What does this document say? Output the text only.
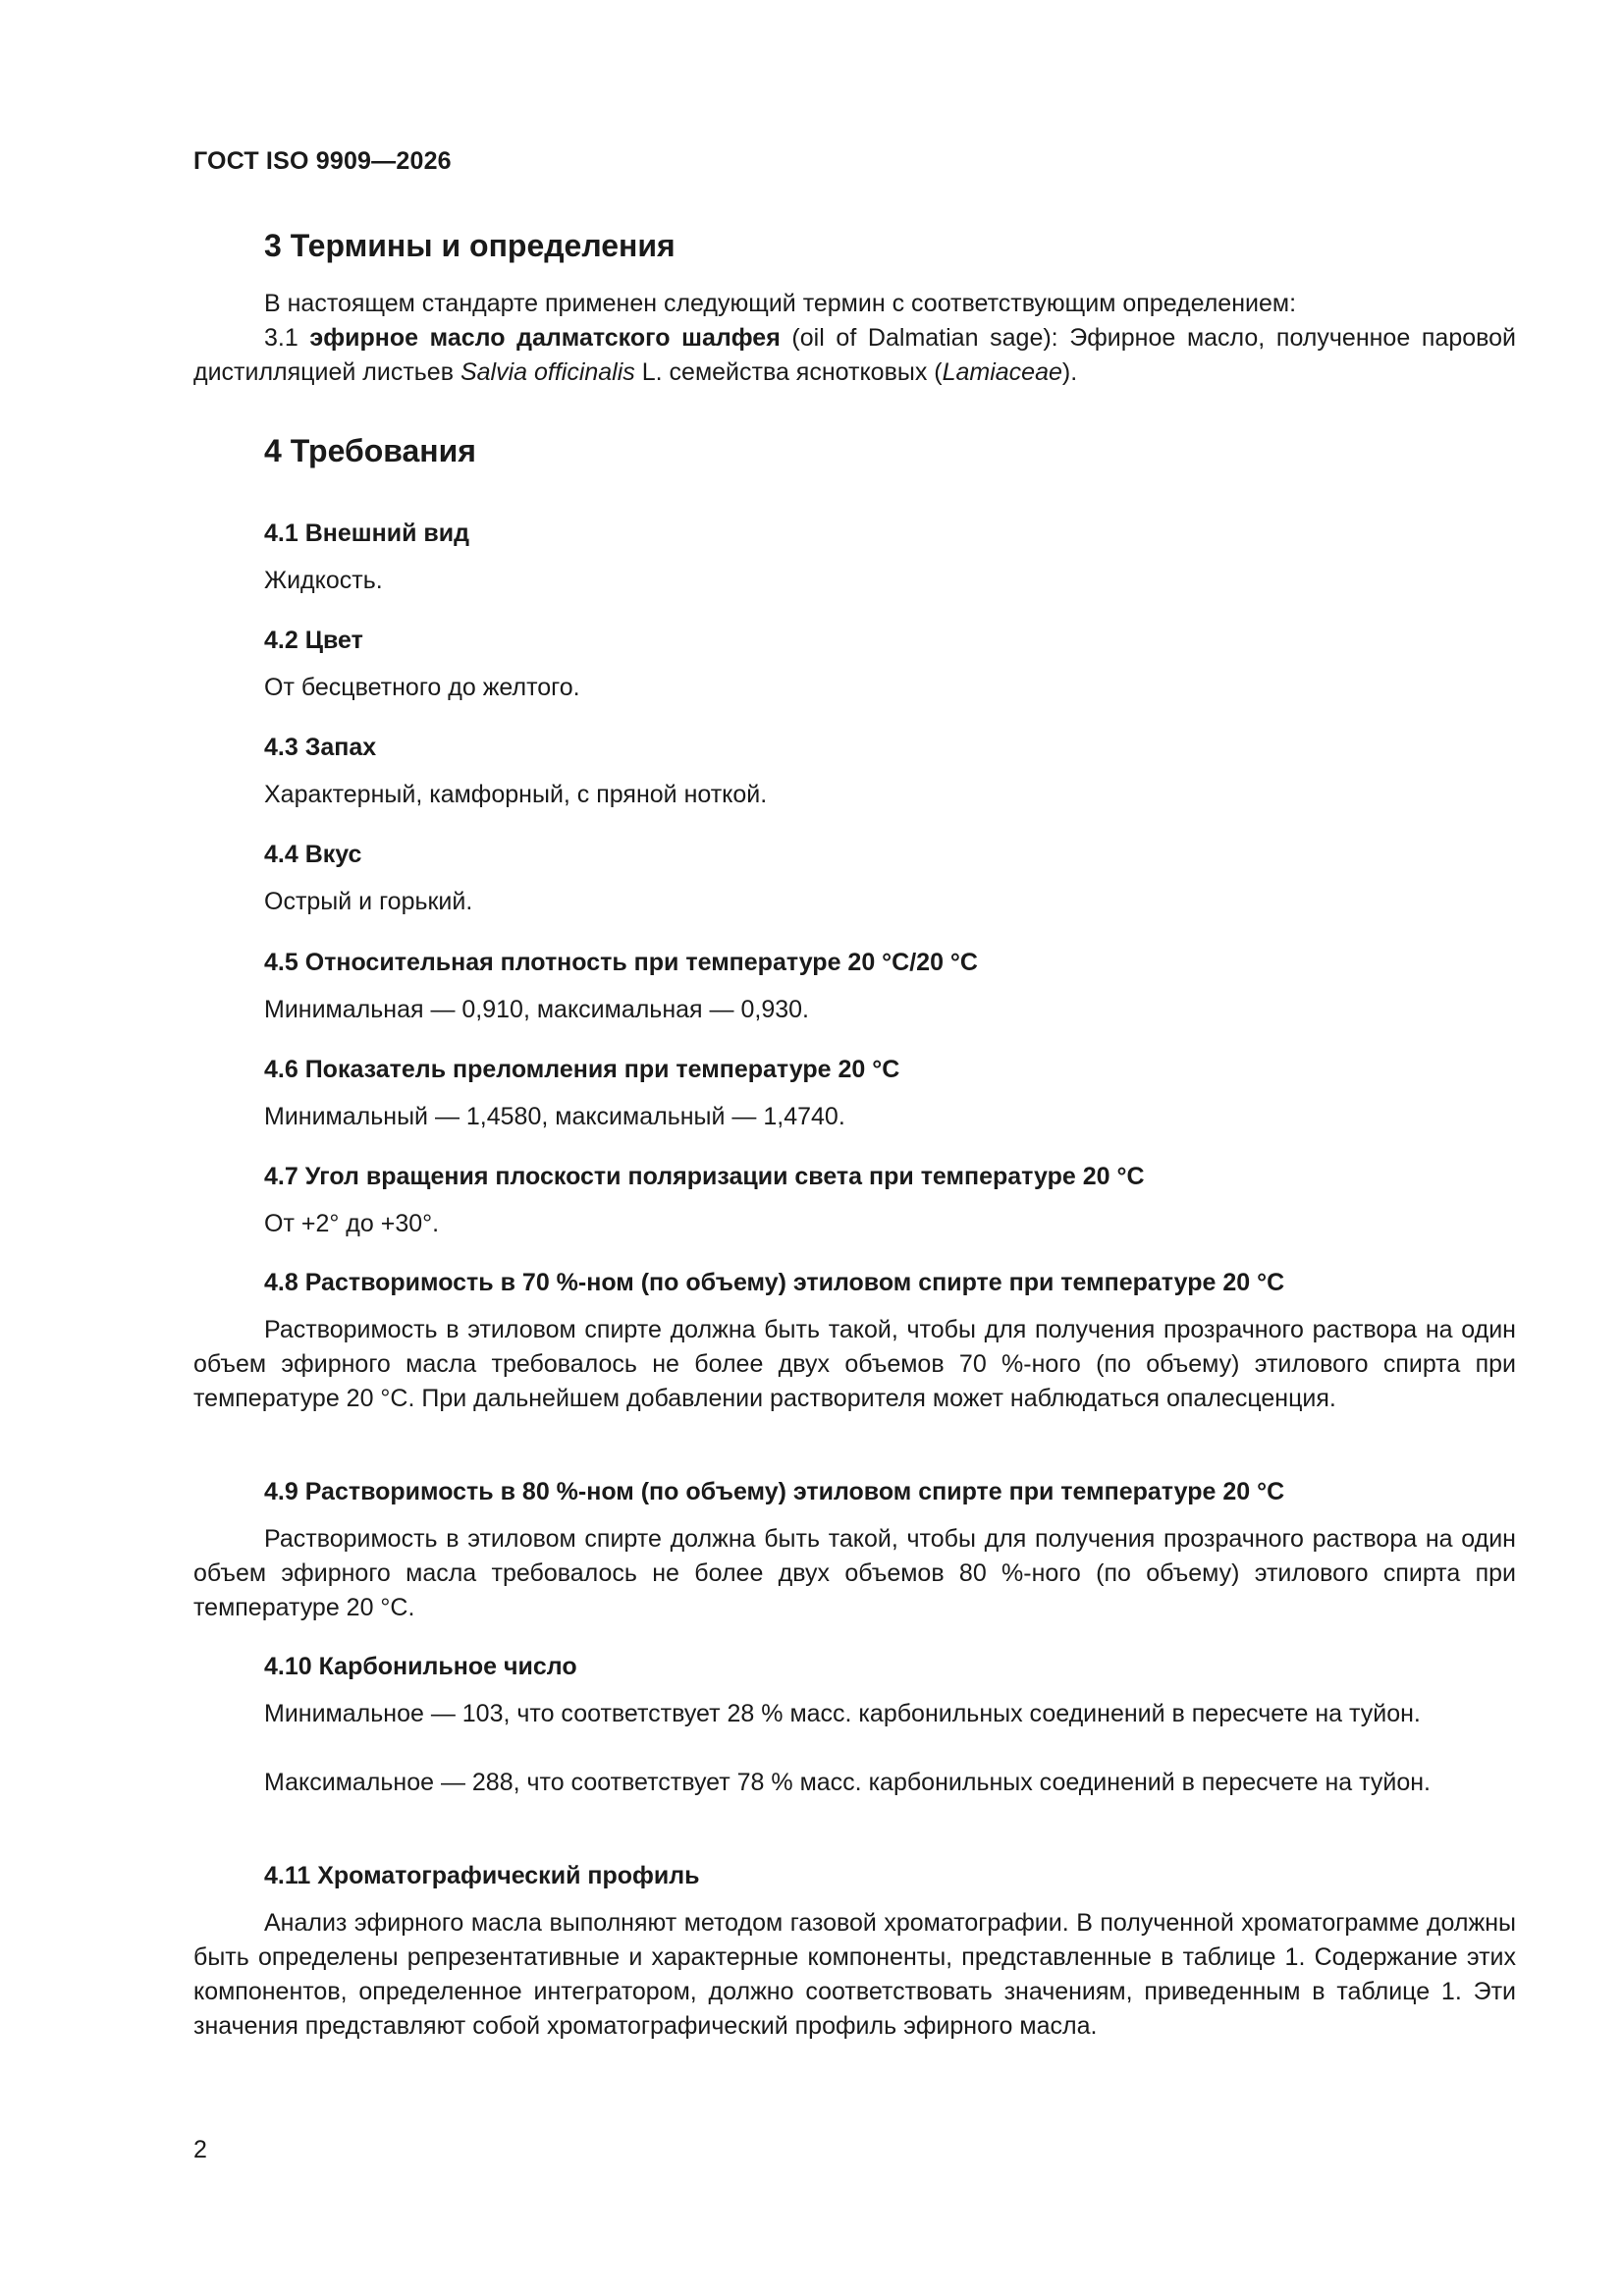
ГОСТ ISO 9909—2026
3 Термины и определения
В настоящем стандарте применен следующий термин с соответствующим определением:
3.1 эфирное масло далматского шалфея (oil of Dalmatian sage): Эфирное масло, полученное паровой дистилляцией листьев Salvia officinalis L. семейства яснотковых (Lamiaceae).
4 Требования
4.1 Внешний вид
Жидкость.
4.2 Цвет
От бесцветного до желтого.
4.3 Запах
Характерный, камфорный, с пряной ноткой.
4.4 Вкус
Острый и горький.
4.5 Относительная плотность при температуре 20 °С/20 °С
Минимальная — 0,910, максимальная — 0,930.
4.6 Показатель преломления при температуре 20 °С
Минимальный — 1,4580, максимальный — 1,4740.
4.7 Угол вращения плоскости поляризации света при температуре 20 °С
От +2° до +30°.
4.8 Растворимость в 70 %-ном (по объему) этиловом спирте при температуре 20 °С
Растворимость в этиловом спирте должна быть такой, чтобы для получения прозрачного раствора на один объем эфирного масла требовалось не более двух объемов 70 %-ного (по объему) этилового спирта при температуре 20 °С. При дальнейшем добавлении растворителя может наблюдаться опалесценция.
4.9 Растворимость в 80 %-ном (по объему) этиловом спирте при температуре 20 °С
Растворимость в этиловом спирте должна быть такой, чтобы для получения прозрачного раствора на один объем эфирного масла требовалось не более двух объемов 80 %-ного (по объему) этилового спирта при температуре 20 °С.
4.10 Карбонильное число
Минимальное — 103, что соответствует 28 % масс. карбонильных соединений в пересчете на туйон.
Максимальное — 288, что соответствует 78 % масс. карбонильных соединений в пересчете на туйон.
4.11 Хроматографический профиль
Анализ эфирного масла выполняют методом газовой хроматографии. В полученной хроматограмме должны быть определены репрезентативные и характерные компоненты, представленные в таблице 1. Содержание этих компонентов, определенное интегратором, должно соответствовать значениям, приведенным в таблице 1. Эти значения представляют собой хроматографический профиль эфирного масла.
2
